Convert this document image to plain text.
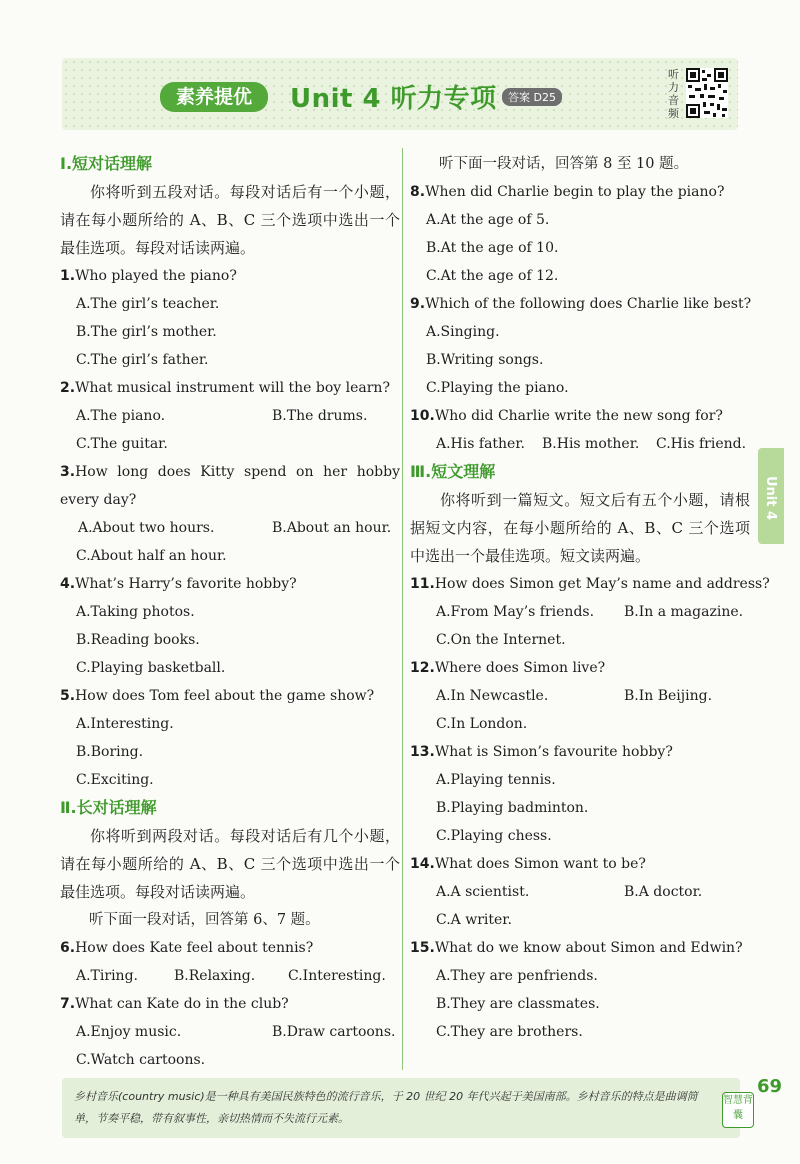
素养提优	Unit 4 听力专项	答案 D25
听力音频
Ⅰ.短对话理解

你将听到五段对话。每段对话后有一个小题，请在每小题所给的 A、B、C 三个选项中选出一个最佳选项。每段对话读两遍。

1.Who played the piano?
A.The girl’s teacher.
B.The girl’s mother.
C.The girl’s father.
2.What musical instrument will the boy learn?
A.The piano.	B.The drums.
C.The guitar.
3.How long does Kitty spend on her hobby every day?
A.About two hours.	B.About an hour.
C.About half an hour.
4.What’s Harry’s favorite hobby?
A.Taking photos.
B.Reading books.
C.Playing basketball.
5.How does Tom feel about the game show?
A.Interesting.
B.Boring.
C.Exciting.
Ⅱ.长对话理解

你将听到两段对话。每段对话后有几个小题，请在每小题所给的 A、B、C 三个选项中选出一个最佳选项。每段对话读两遍。

听下面一段对话，回答第 6、7 题。

6.How does Kate feel about tennis?
A.Tiring.	B.Relaxing. C.Interesting.
7.What can Kate do in the club?
A.Enjoy music.	B.Draw cartoons.
C.Watch cartoons.

听下面一段对话，回答第 8 至 10 题。

8.When did Charlie begin to play the piano?
A.At the age of 5.
B.At the age of 10.
C.At the age of 12.
9.Which of the following does Charlie like best?
A.Singing.
B.Writing songs.
C.Playing the piano.
10.Who did Charlie write the new song for?
A.His father. B.His mother. C.His friend.
Ⅲ.短文理解

你将听到一篇短文。短文后有五个小题，请根据短文内容，在每小题所给的 A、B、C 三个选项中选出一个最佳选项。短文读两遍。

11.How does Simon get May’s name and address?
A.From May’s friends. B.In a magazine.
C.On the Internet.
12.Where does Simon live?
A.In Newcastle.	B.In Beijing.
C.In London.
13.What is Simon’s favourite hobby?
A.Playing tennis.
B.Playing badminton.
C.Playing chess.
14.What does Simon want to be?
A.A scientist.	B.A doctor.
C.A writer.
15.What do we know about Simon and Edwin?
A.They are penfriends.
B.They are classmates.
C.They are brothers.
Unit 4
乡村音乐(country music)是一种具有美国民族特色的流行音乐，于 20 世纪 20 年代兴起于美国南部。乡村音乐的特点是曲调简单，节奏平稳，带有叙事性，亲切热情而不失流行元素。
智慧背囊
69
